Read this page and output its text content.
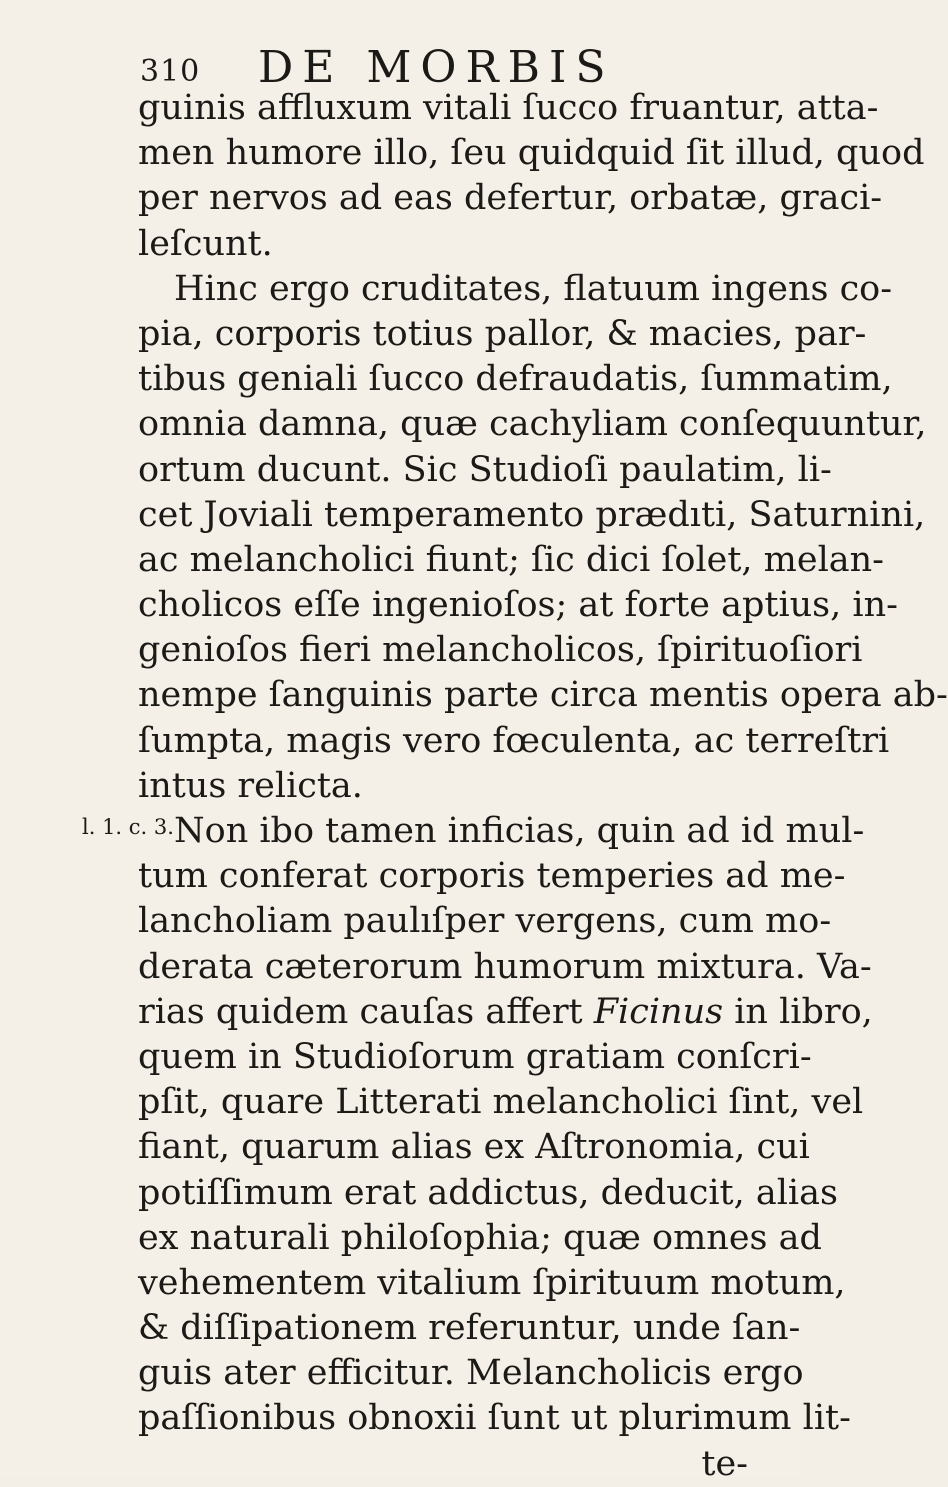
310 DE MORBIS
l. 1. c. 3.
guinis affluxum vitali ſucco fruantur, atta-
men humore illo, ſeu quidquid ſit illud, quod
per nervos ad eas defertur, orbatæ, graci-
leſcunt.
Hinc ergo cruditates, flatuum ingens co-
pia, corporis totius pallor, & macies, par-
tibus geniali ſucco defraudatis, ſummatim,
omnia damna, quæ cachyliam conſequuntur,
ortum ducunt. Sic Studioſi paulatim, li-
cet Joviali temperamento prædıti, Saturnini,
ac melancholici fiunt; ſic dici ſolet, melan-
cholicos eſſe ingenioſos; at forte aptius, in-
genioſos fieri melancholicos, ſpirituoſiori
nempe ſanguinis parte circa mentis opera ab-
ſumpta, magis vero fœculenta, ac terreſtri
intus relicta.
Non ibo tamen inficias, quin ad id mul-
tum conferat corporis temperies ad me-
lancholiam paulıſper vergens, cum mo-
derata cæterorum humorum mixtura. Va-
rias quidem cauſas affert Ficinus in libro,
quem in Studioſorum gratiam conſcri-
pſit, quare Litterati melancholici ſint, vel
fiant, quarum alias ex Aſtronomia, cui
potiſſimum erat addictus, deducit, alias
ex naturali philoſophia; quæ omnes ad
vehementem vitalium ſpirituum motum,
& diſſipationem referuntur, unde ſan-
guis ater efficitur. Melancholicis ergo
paſſionibus obnoxii ſunt ut plurimum lit-
te-
